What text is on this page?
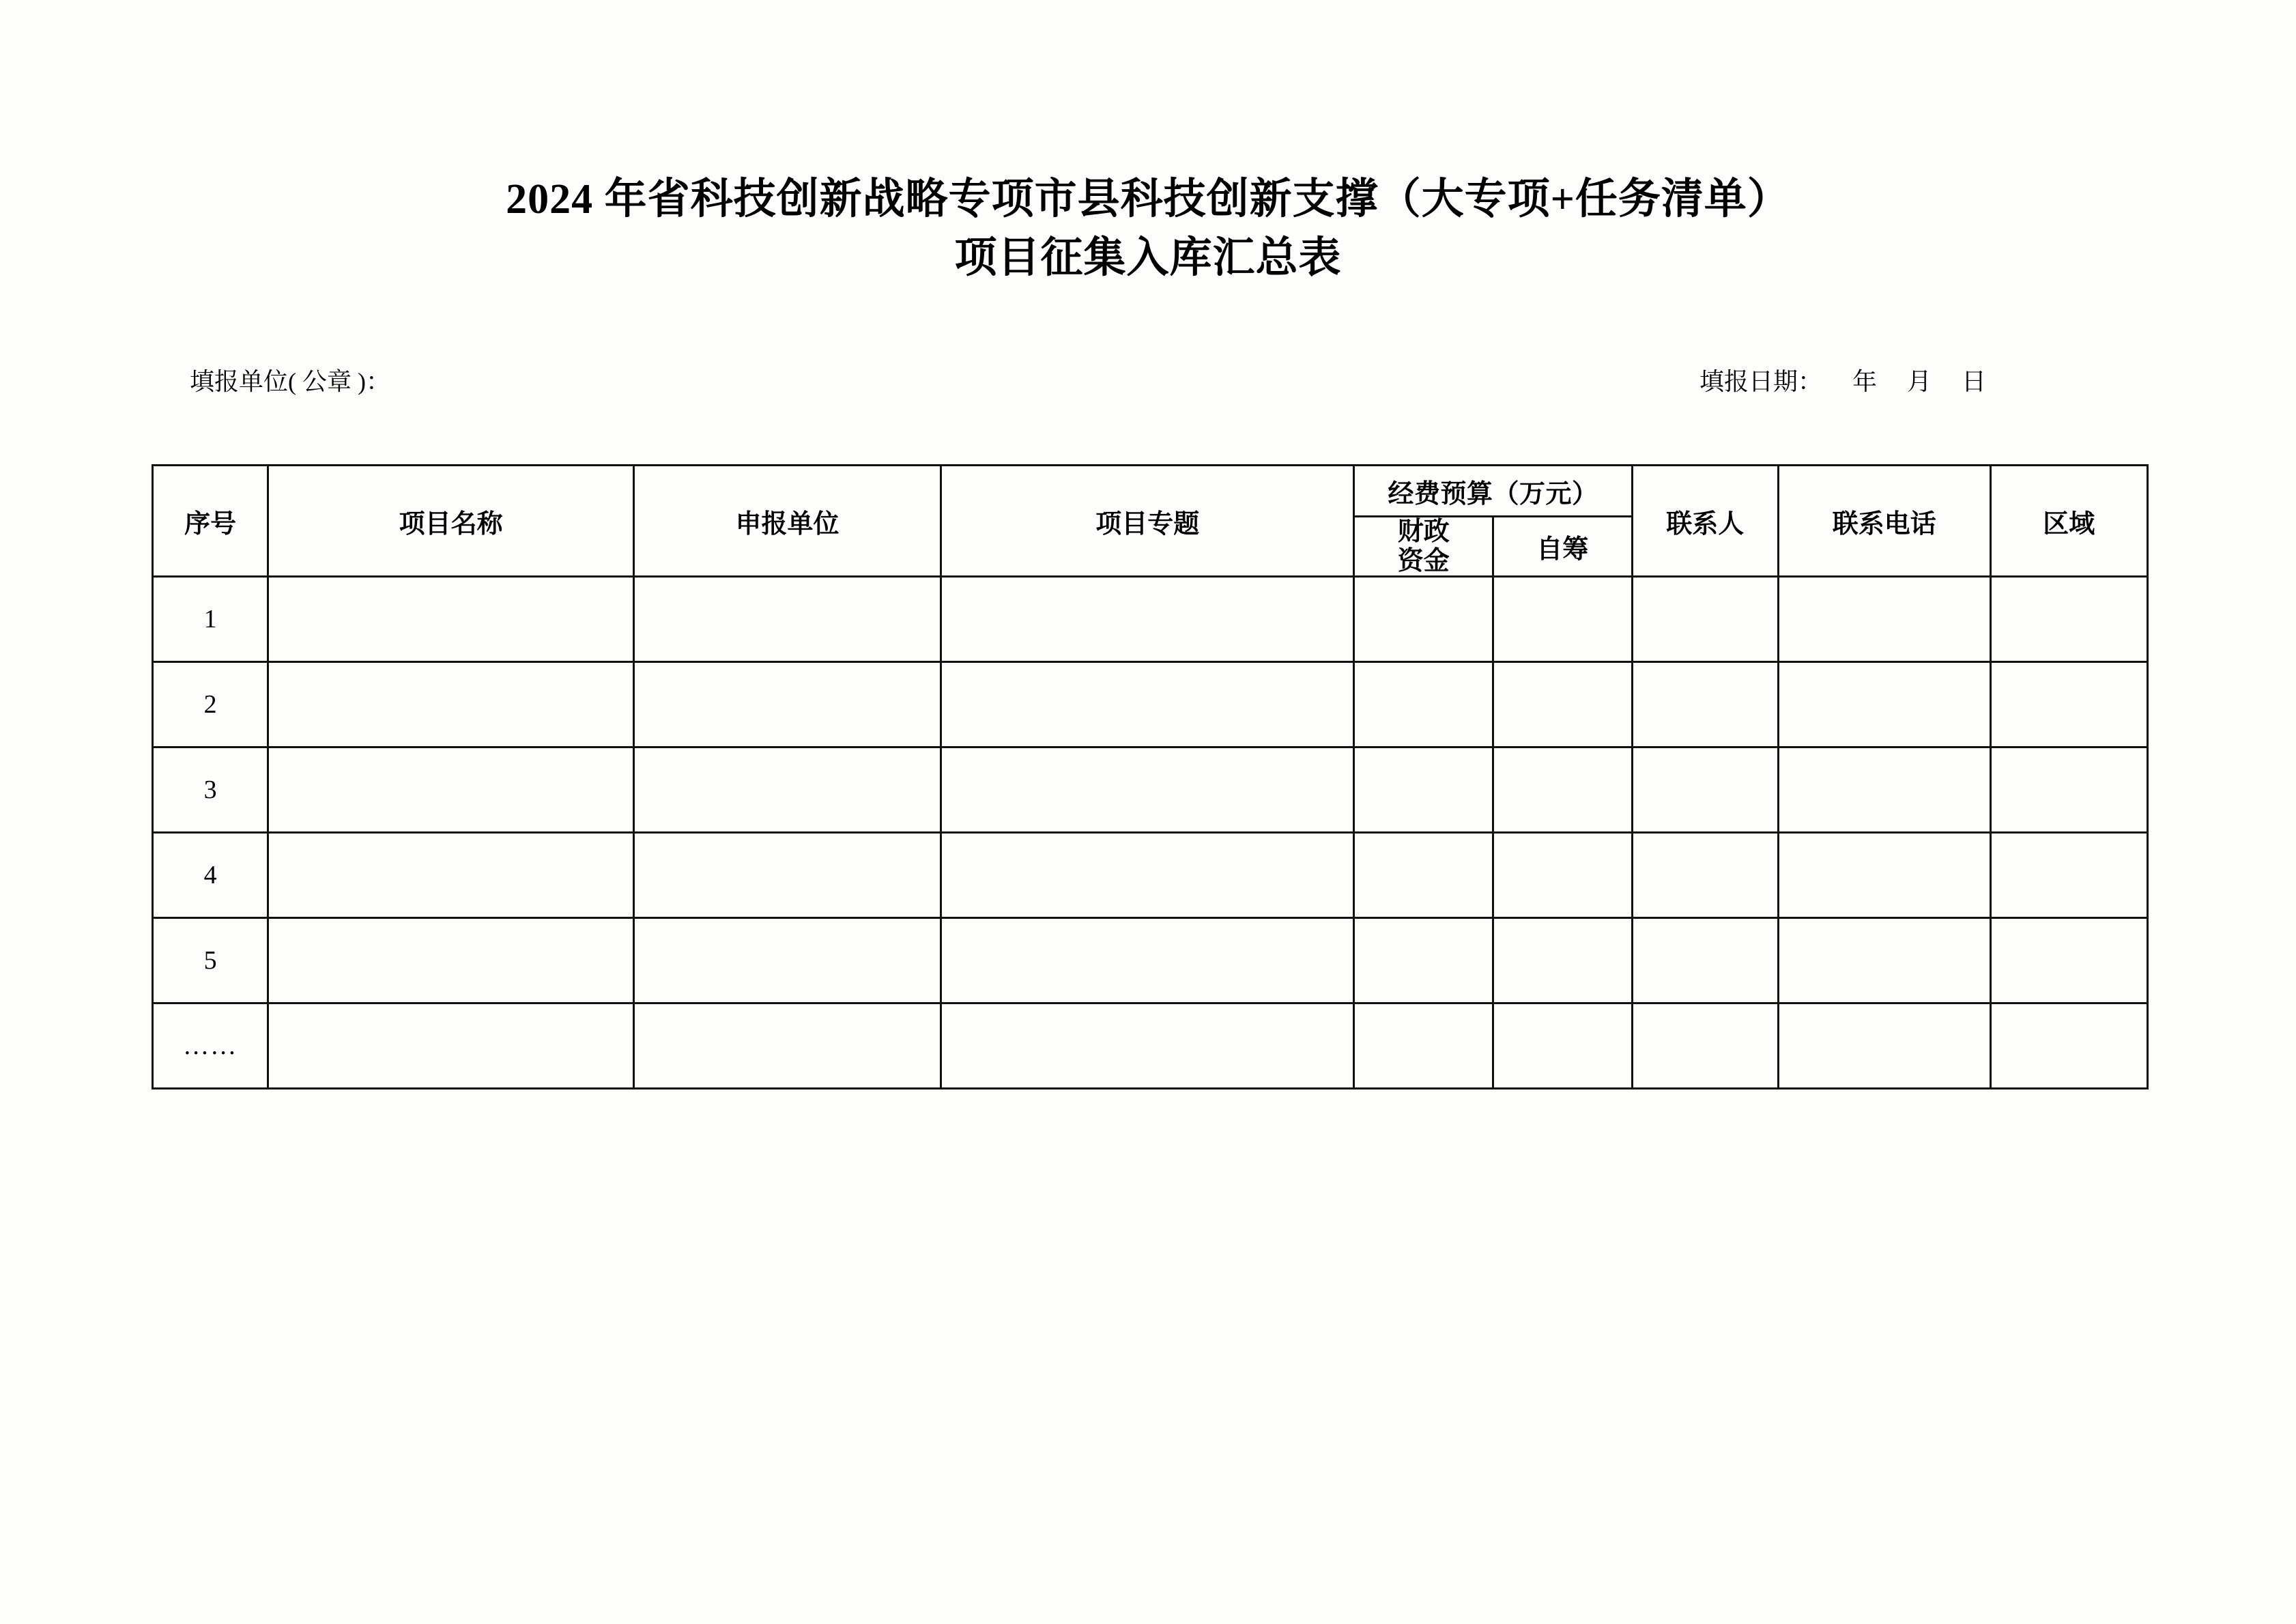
2024 年省科技创新战略专项市县科技创新支撑（大专项+任务清单）
项目征集入库汇总表
填报单位( 公章 )：	填报日期： 年 月 日
序号	项目名称	申报单位	项目专题	经费预算（万元）		联系人	联系电话	区域

				财政
资金	自筹			
1								
2								
3								
4								
5								
……								
